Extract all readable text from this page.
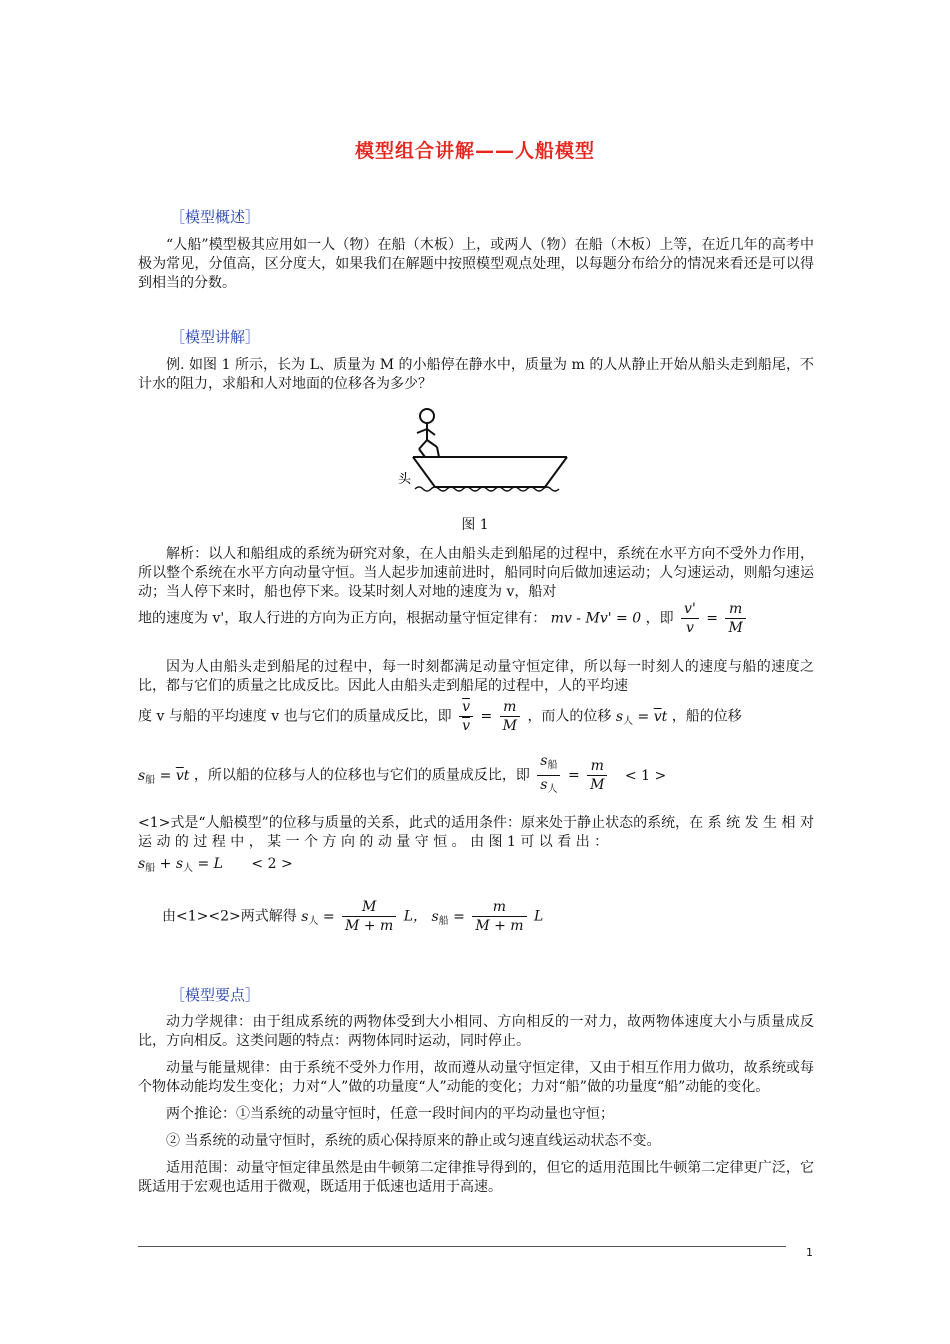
模型组合讲解——人船模型
［模型概述］

“人船”模型极其应用如一人（物）在船（木板）上，或两人（物）在船（木板）上等，在近几年的高考中极为常见，分值高，区分度大，如果我们在解题中按照模型观点处理，以每题分布给分的情况来看还是可以得到相当的分数。

［模型讲解］

例. 如图 1 所示，长为 L、质量为 M 的小船停在静水中，质量为 m 的人从静止开始从船头走到船尾，不计水的阻力，求船和人对地面的位移各为多少？

头
图 1

解析：以人和船组成的系统为研究对象，在人由船头走到船尾的过程中，系统在水平方向不受外力作用，所以整个系统在水平方向动量守恒。当人起步加速前进时，船同时向后做加速运动；人匀速运动，则船匀速运动；当人停下来时，船也停下来。设某时刻人对地的速度为 v，船对

地的速度为 v'，取人行进的方向为正方向，根据动量守恒定律有： mv - Mv' = 0 ，即 $\frac{v'}{v} = \frac{m}{M}$

因为人由船头走到船尾的过程中，每一时刻都满足动量守恒定律，所以每一时刻人的速度与船的速度之比，都与它们的质量之比成反比。因此人由船头走到船尾的过程中，人的平均速

度 v 与船的平均速度 v 也与它们的质量成反比，即 $\frac{\overline{v}}{v} = \frac{m}{M}$ ，而人的位移 $s_人 = \overline{v}t$ ，船的位移
$s_船 = \overline{v}t$ ，所以船的位移与人的位移也与它们的质量成反比，即 $\frac{s_船}{s_人} = \frac{m}{M} < 1$ >

<1>式是“人船模型”的位移与质量的关系，此式的适用条件：原来处于静止状态的系统，在 系 统 发 生 相 对 运 动 的 过 程 中 ， 某 一 个 方 向 的 动 量 守 恒 。 由 图 1 可 以 看 出 ：

$s_船 + s_人 = L < 2$ >
由<1><2>两式解得 $s_人 = \frac{M}{M + m}$ L， $s_船 = \frac{m}{M + m}$ L
［模型要点］

动力学规律：由于组成系统的两物体受到大小相同、方向相反的一对力，故两物体速度大小与质量成反比，方向相反。这类问题的特点：两物体同时运动，同时停止。

动量与能量规律：由于系统不受外力作用，故而遵从动量守恒定律，又由于相互作用力做功，故系统或每个物体动能均发生变化；力对“人”做的功量度“人”动能的变化；力对“船”做的功量度“船”动能的变化。

两个推论：①当系统的动量守恒时，任意一段时间内的平均动量也守恒；

② 当系统的动量守恒时，系统的质心保持原来的静止或匀速直线运动状态不变。

适用范围：动量守恒定律虽然是由牛顿第二定律推导得到的，但它的适用范围比牛顿第二定律更广泛，它既适用于宏观也适用于微观，既适用于低速也适用于高速。

1
